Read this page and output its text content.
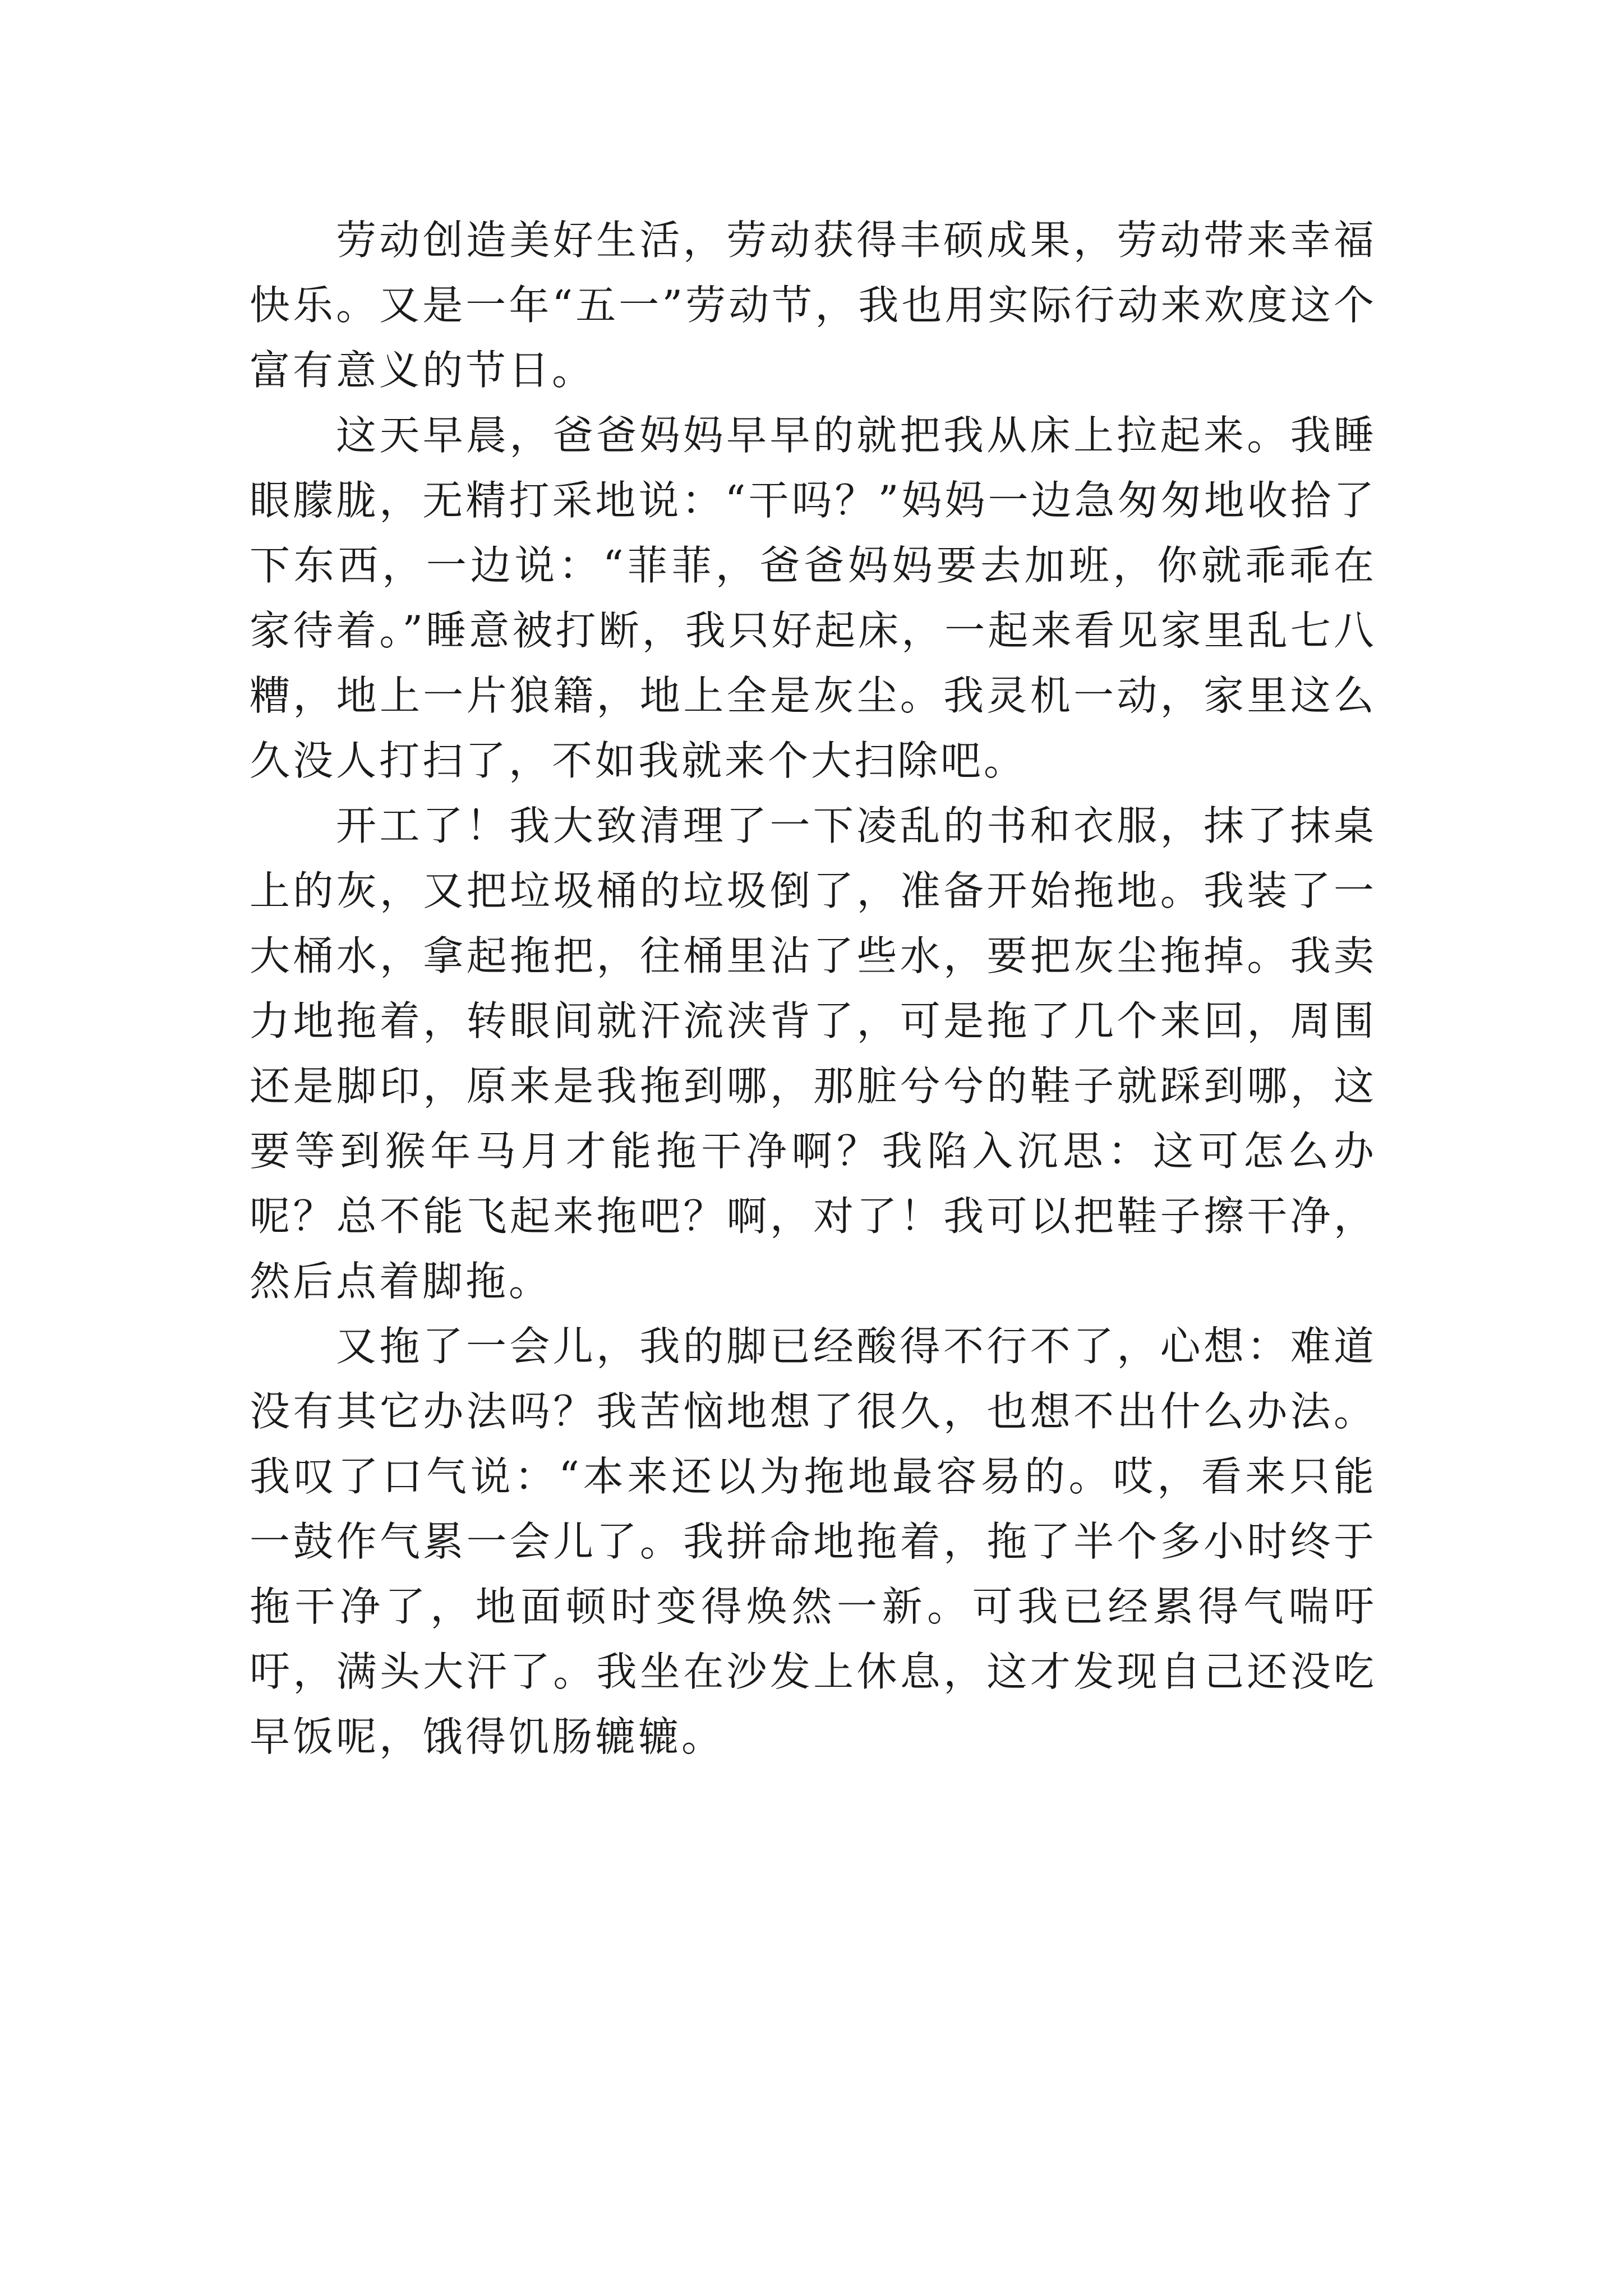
劳动创造美好生活，劳动获得丰硕成果，劳动带来幸福快乐。又是一年“五一”劳动节，我也用实际行动来欢度这个富有意义的节日。

这天早晨，爸爸妈妈早早的就把我从床上拉起来。我睡眼朦胧，无精打采地说：“干吗？”妈妈一边急匆匆地收拾了下东西，一边说：“菲菲，爸爸妈妈要去加班，你就乖乖在家待着。”睡意被打断，我只好起床，一起来看见家里乱七八糟，地上一片狼籍，地上全是灰尘。我灵机一动，家里这么久没人打扫了，不如我就来个大扫除吧。

开工了！我大致清理了一下凌乱的书和衣服，抹了抹桌上的灰，又把垃圾桶的垃圾倒了，准备开始拖地。我装了一大桶水，拿起拖把，往桶里沾了些水，要把灰尘拖掉。我卖力地拖着，转眼间就汗流浃背了，可是拖了几个来回，周围还是脚印，原来是我拖到哪，那脏兮兮的鞋子就踩到哪，这要等到猴年马月才能拖干净啊？我陷入沉思：这可怎么办呢？总不能飞起来拖吧？啊，对了！我可以把鞋子擦干净，然后点着脚拖。

又拖了一会儿，我的脚已经酸得不行不了，心想：难道没有其它办法吗？我苦恼地想了很久，也想不出什么办法。我叹了口气说：“本来还以为拖地最容易的。哎，看来只能一鼓作气累一会儿了。我拼命地拖着，拖了半个多小时终于拖干净了，地面顿时变得焕然一新。可我已经累得气喘吁吁，满头大汗了。我坐在沙发上休息，这才发现自己还没吃早饭呢，饿得饥肠辘辘。
